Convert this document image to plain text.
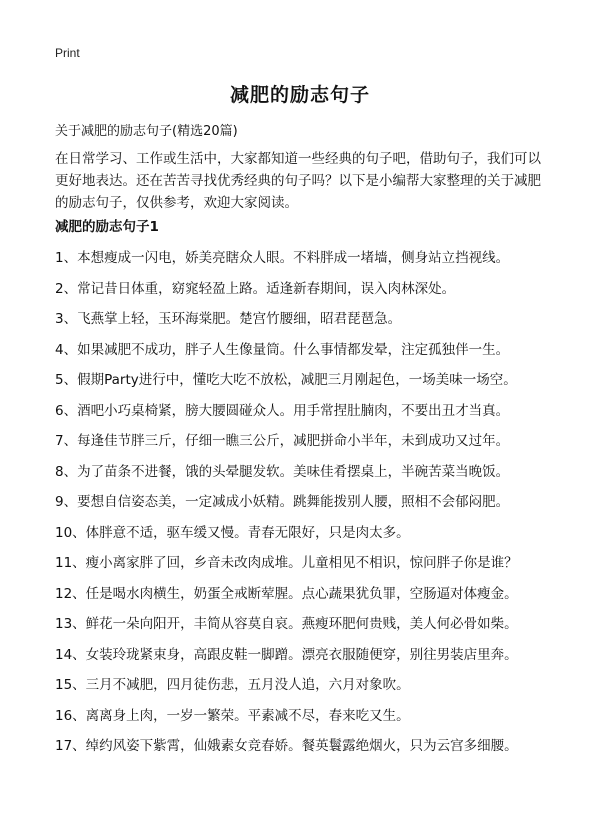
Print
减肥的励志句子
关于减肥的励志句子(精选20篇)
在日常学习、工作或生活中，大家都知道一些经典的句子吧，借助句子，我们可以更好地表达。还在苦苦寻找优秀经典的句子吗？以下是小编帮大家整理的关于减肥的励志句子，仅供参考，欢迎大家阅读。
减肥的励志句子1
1、本想瘦成一闪电，娇美亮瞎众人眼。不料胖成一堵墙，侧身站立挡视线。
2、常记昔日体重，窈窕轻盈上路。适逢新春期间，误入肉林深处。
3、飞燕掌上轻，玉环海棠肥。楚宫竹腰细，昭君琵琶急。
4、如果减肥不成功，胖子人生像量筒。什么事情都发晕，注定孤独伴一生。
5、假期Party进行中，懂吃大吃不放松，减肥三月刚起色，一场美味一场空。
6、酒吧小巧桌椅紧，膀大腰圆碰众人。用手常捏肚腩肉，不要出丑才当真。
7、每逢佳节胖三斤，仔细一瞧三公斤，减肥拼命小半年，未到成功又过年。
8、为了苗条不进餐，饿的头晕腿发软。美味佳肴摆桌上，半碗苦菜当晚饭。
9、要想自信姿态美，一定减成小妖精。跳舞能拨别人腰，照相不会郁闷肥。
10、体胖意不适，驱车缓又慢。青春无限好，只是肉太多。
11、瘦小离家胖了回，乡音未改肉成堆。儿童相见不相识，惊问胖子你是谁？
12、任是喝水肉横生，奶蛋全戒断荤腥。点心蔬果犹负罪，空肠逼对体瘦金。
13、鲜花一朵向阳开，丰简从容莫自哀。燕瘦环肥何贵贱，美人何必骨如柴。
14、女装玲珑紧束身，高跟皮鞋一脚蹭。漂亮衣服随便穿，别往男装店里奔。
15、三月不减肥，四月徒伤悲，五月没人追，六月对象吹。
16、离离身上肉，一岁一繁荣。平素减不尽，春来吃又生。
17、绰约风姿下紫霄，仙娥素女竞春娇。餐英鬟露绝烟火，只为云宫多细腰。
